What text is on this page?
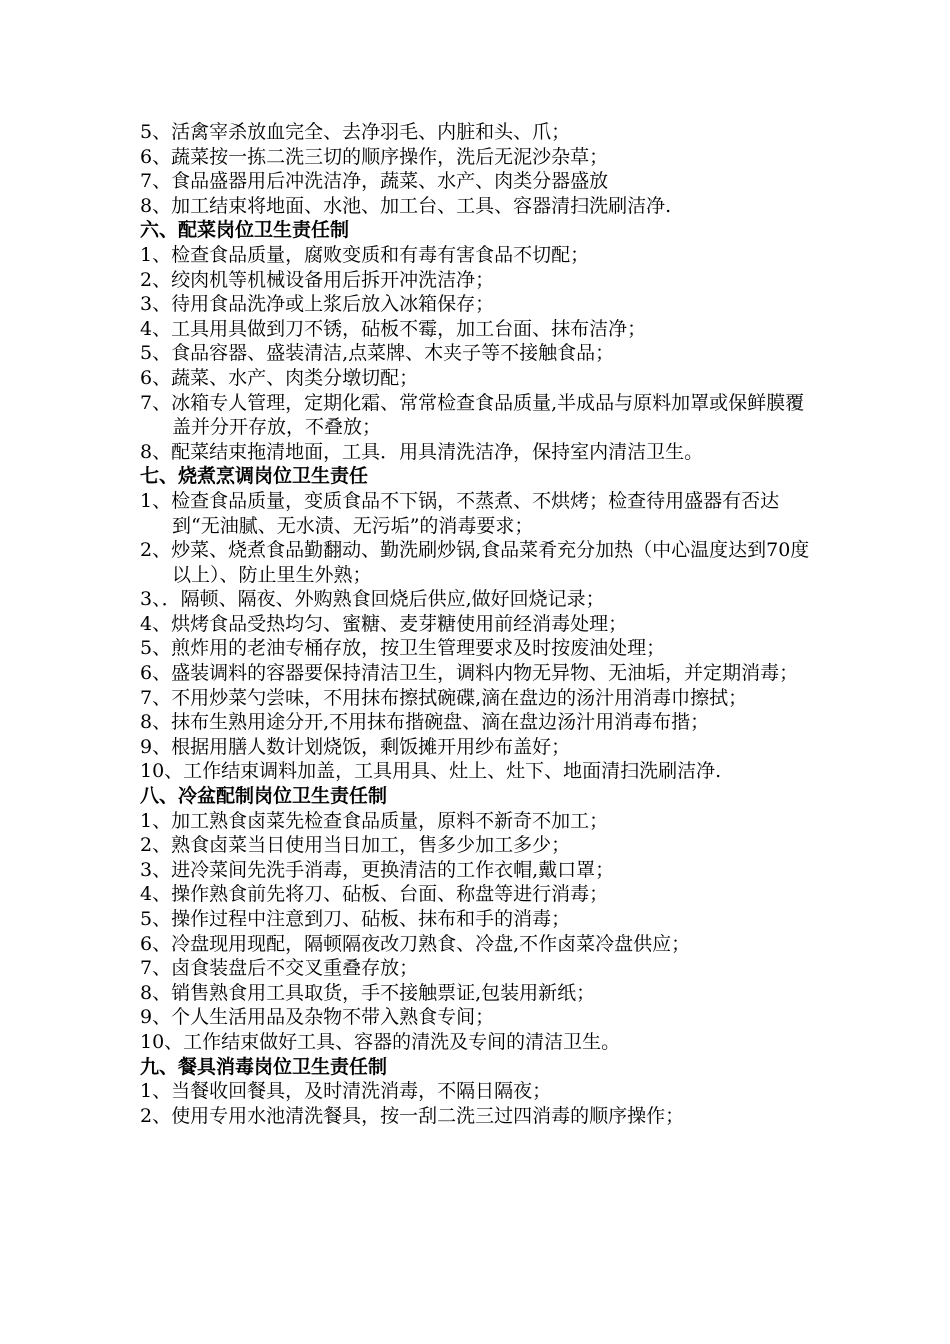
5、活禽宰杀放血完全、去净羽毛、内脏和头、爪；
6、蔬菜按一拣二洗三切的顺序操作，洗后无泥沙杂草；
7、食品盛器用后冲洗洁净，蔬菜、水产、肉类分器盛放
8、加工结束将地面、水池、加工台、工具、容器清扫洗刷洁净.
六、配菜岗位卫生责任制
1、检查食品质量，腐败变质和有毒有害食品不切配；
2、绞肉机等机械设备用后拆开冲洗洁净；
3、待用食品洗净或上浆后放入冰箱保存；
4、工具用具做到刀不锈，砧板不霉，加工台面、抹布洁净；
5、食品容器、盛装清洁,点菜牌、木夹子等不接触食品；
6、蔬菜、水产、肉类分墩切配；
7、冰箱专人管理，定期化霜、常常检查食品质量,半成品与原料加罩或保鲜膜覆盖并分开存放，不叠放；
8、配菜结束拖清地面，工具．用具清洗洁净，保持室内清洁卫生。
七、烧煮烹调岗位卫生责任
1、检查食品质量，变质食品不下锅，不蒸煮、不烘烤；检查待用盛器有否达到“无油腻、无水渍、无污垢”的消毒要求；
2、炒菜、烧煮食品勤翻动、勤洗刷炒锅,食品菜肴充分加热（中心温度达到70度以上）、防止里生外熟；
3、．隔顿、隔夜、外购熟食回烧后供应,做好回烧记录；
4、烘烤食品受热均匀、蜜糖、麦芽糖使用前经消毒处理；
5、煎炸用的老油专桶存放，按卫生管理要求及时按废油处理；
6、盛装调料的容器要保持清洁卫生，调料内物无异物、无油垢，并定期消毒；
7、不用炒菜勺尝味，不用抹布擦拭碗碟,滴在盘边的汤汁用消毒巾擦拭；
8、抹布生熟用途分开,不用抹布揩碗盘、滴在盘边汤汁用消毒布揩；
9、根据用膳人数计划烧饭，剩饭摊开用纱布盖好；
10、工作结束调料加盖，工具用具、灶上、灶下、地面清扫洗刷洁净.
八、冷盆配制岗位卫生责任制
1、加工熟食卤菜先检查食品质量，原料不新奇不加工；
2、熟食卤菜当日使用当日加工，售多少加工多少；
3、进冷菜间先洗手消毒，更换清洁的工作衣帽,戴口罩；
4、操作熟食前先将刀、砧板、台面、称盘等进行消毒；
5、操作过程中注意到刀、砧板、抹布和手的消毒；
6、冷盘现用现配，隔顿隔夜改刀熟食、冷盘,不作卤菜冷盘供应；
7、卤食装盘后不交叉重叠存放；
8、销售熟食用工具取货，手不接触票证,包装用新纸；
9、个人生活用品及杂物不带入熟食专间；
10、工作结束做好工具、容器的清洗及专间的清洁卫生。
九、餐具消毒岗位卫生责任制
1、当餐收回餐具，及时清洗消毒，不隔日隔夜；
2、使用专用水池清洗餐具，按一刮二洗三过四消毒的顺序操作；
